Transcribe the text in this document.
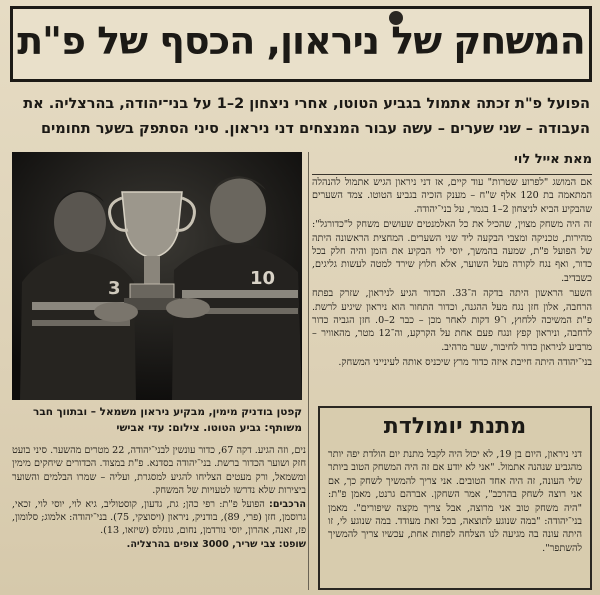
המשחק של ניראון, הכסף של פ"ת
הפועל פ"ת זכתה אתמול בגביע הטוטו, אחרי ניצחון 2–1 על בני־יהודה, בהרצליה. את העבודה – שני שערים – עשה עבור המנצחים דני ניראון. סיני הסתפק בשער תחומים
3	10
קפטן בודניק מימין, מבקיע ניראון משמאל – ובתווך חבר משותף: גביע הטוטו. צילום: עדי אבישי
מאת אייל לוי

אם המושג "לפרוע שטרות" עוד קיים, אז דני ניראון הגיש אתמול להנהלה המתאמה בת 120 אלף ש"ח – מענק הזכיה בגביע הטוטו. צמד השערים שהבקיע הביא לניצחון 2–1 בגמר, על בני־יהודה.

זה היה משחק מצוין, שהכיל את כל האלמנטים שעושים משחק ל"כדורגל": מהירות, טכניקה ומצבי הבקעה ליד שני השערים. המחצית הראשונה היתה של הפועל פ"ת, שמעה בהמשך, יוסי לוי הבקיע את הזמן והיה חלק בכל כדור, ואף נגח לקורה מעל השוער, אלא חלוץ שירד למטה לעשות גליגים, כשבדיב.

השער הראשון היתה בדקה ה־33. הכדור הגיע לניראון, שזרק בפתח הרחבה, אלון חזן נגח מעל ההגנה, וכדור התחור הוא ניראון שיגיע לרשת. פ"ת המשיכה ללחוץ, ו־9 דקות לאחר מכן – כבר 2–0. חזן הגביה כדור לרחבה, וניראון קפץ ונגח פעם אחת על הקרקע, וה־12 מטר, מהאוויר – מרביע לניראון כדור לחיבור, שער מרהיב.

בני־יהודה היתה חייבת איזה כדור מרץ שיכניס אותה לעינייני המשחק.

מתנת יומולדת
דני ניראון, היום בן 19, לא יכול היה לקבל מתנת יום הולדת יפה יותר מהגביע שנהנה אתמול. "אני לא יודע אם זה היה המשחק הטוב ביותר שלי העונה, זה היה אחד הטובים. אני צריך להמשיך לשחק כך, אם אני רוצה לשחק בהרכב", אמר השחקן. אברהם גרנט, מאמן פ"ת: "היה משחק טוב אני מרוצה, אבל צריך מקצה שיפורים". מאמן בני־יהודה: "במה שנוגע לתוצאה, בכל זאת מעודד. במה שנוגע לי, זו היתה עונה בה מגיעה לנו הצלחה לפחות אחת, עכשיו צריך להמשיך להשתפר".
נים, וזה הגיע. דקה 67, כדור עונשין לבני־יהודה, 22 מטרים מהשער. סיני בועט חזק ושוער הכדור ברשת. בני־יהודה בסדנא. פ"ת במצוד. הכדורים שיחקים מימין ומשמאל, ורק מעטים הצליחו להגיע למסגרת, ועליה – שמרו הבלמים והשוער ביצירות שלא נדרשו לטעויות של המשחק.
הרכבים: הפועל פ"ת: רפי כהן; גת, גדעון, קוסטוליב, גיא לוי, יוסי לוי, זכאי, גרוסמן, חזן (פרי, 89), בודניק, ניראון (ויסוצקי, 75). בני־יהודה: אלמוג; סלומון, פז, זאנה, אהרון, יוסי נורדמן, נחום, גונזלס (שיזאו, 13).
שופט: צבי שריר, 3000 צופים בהרצליה.
